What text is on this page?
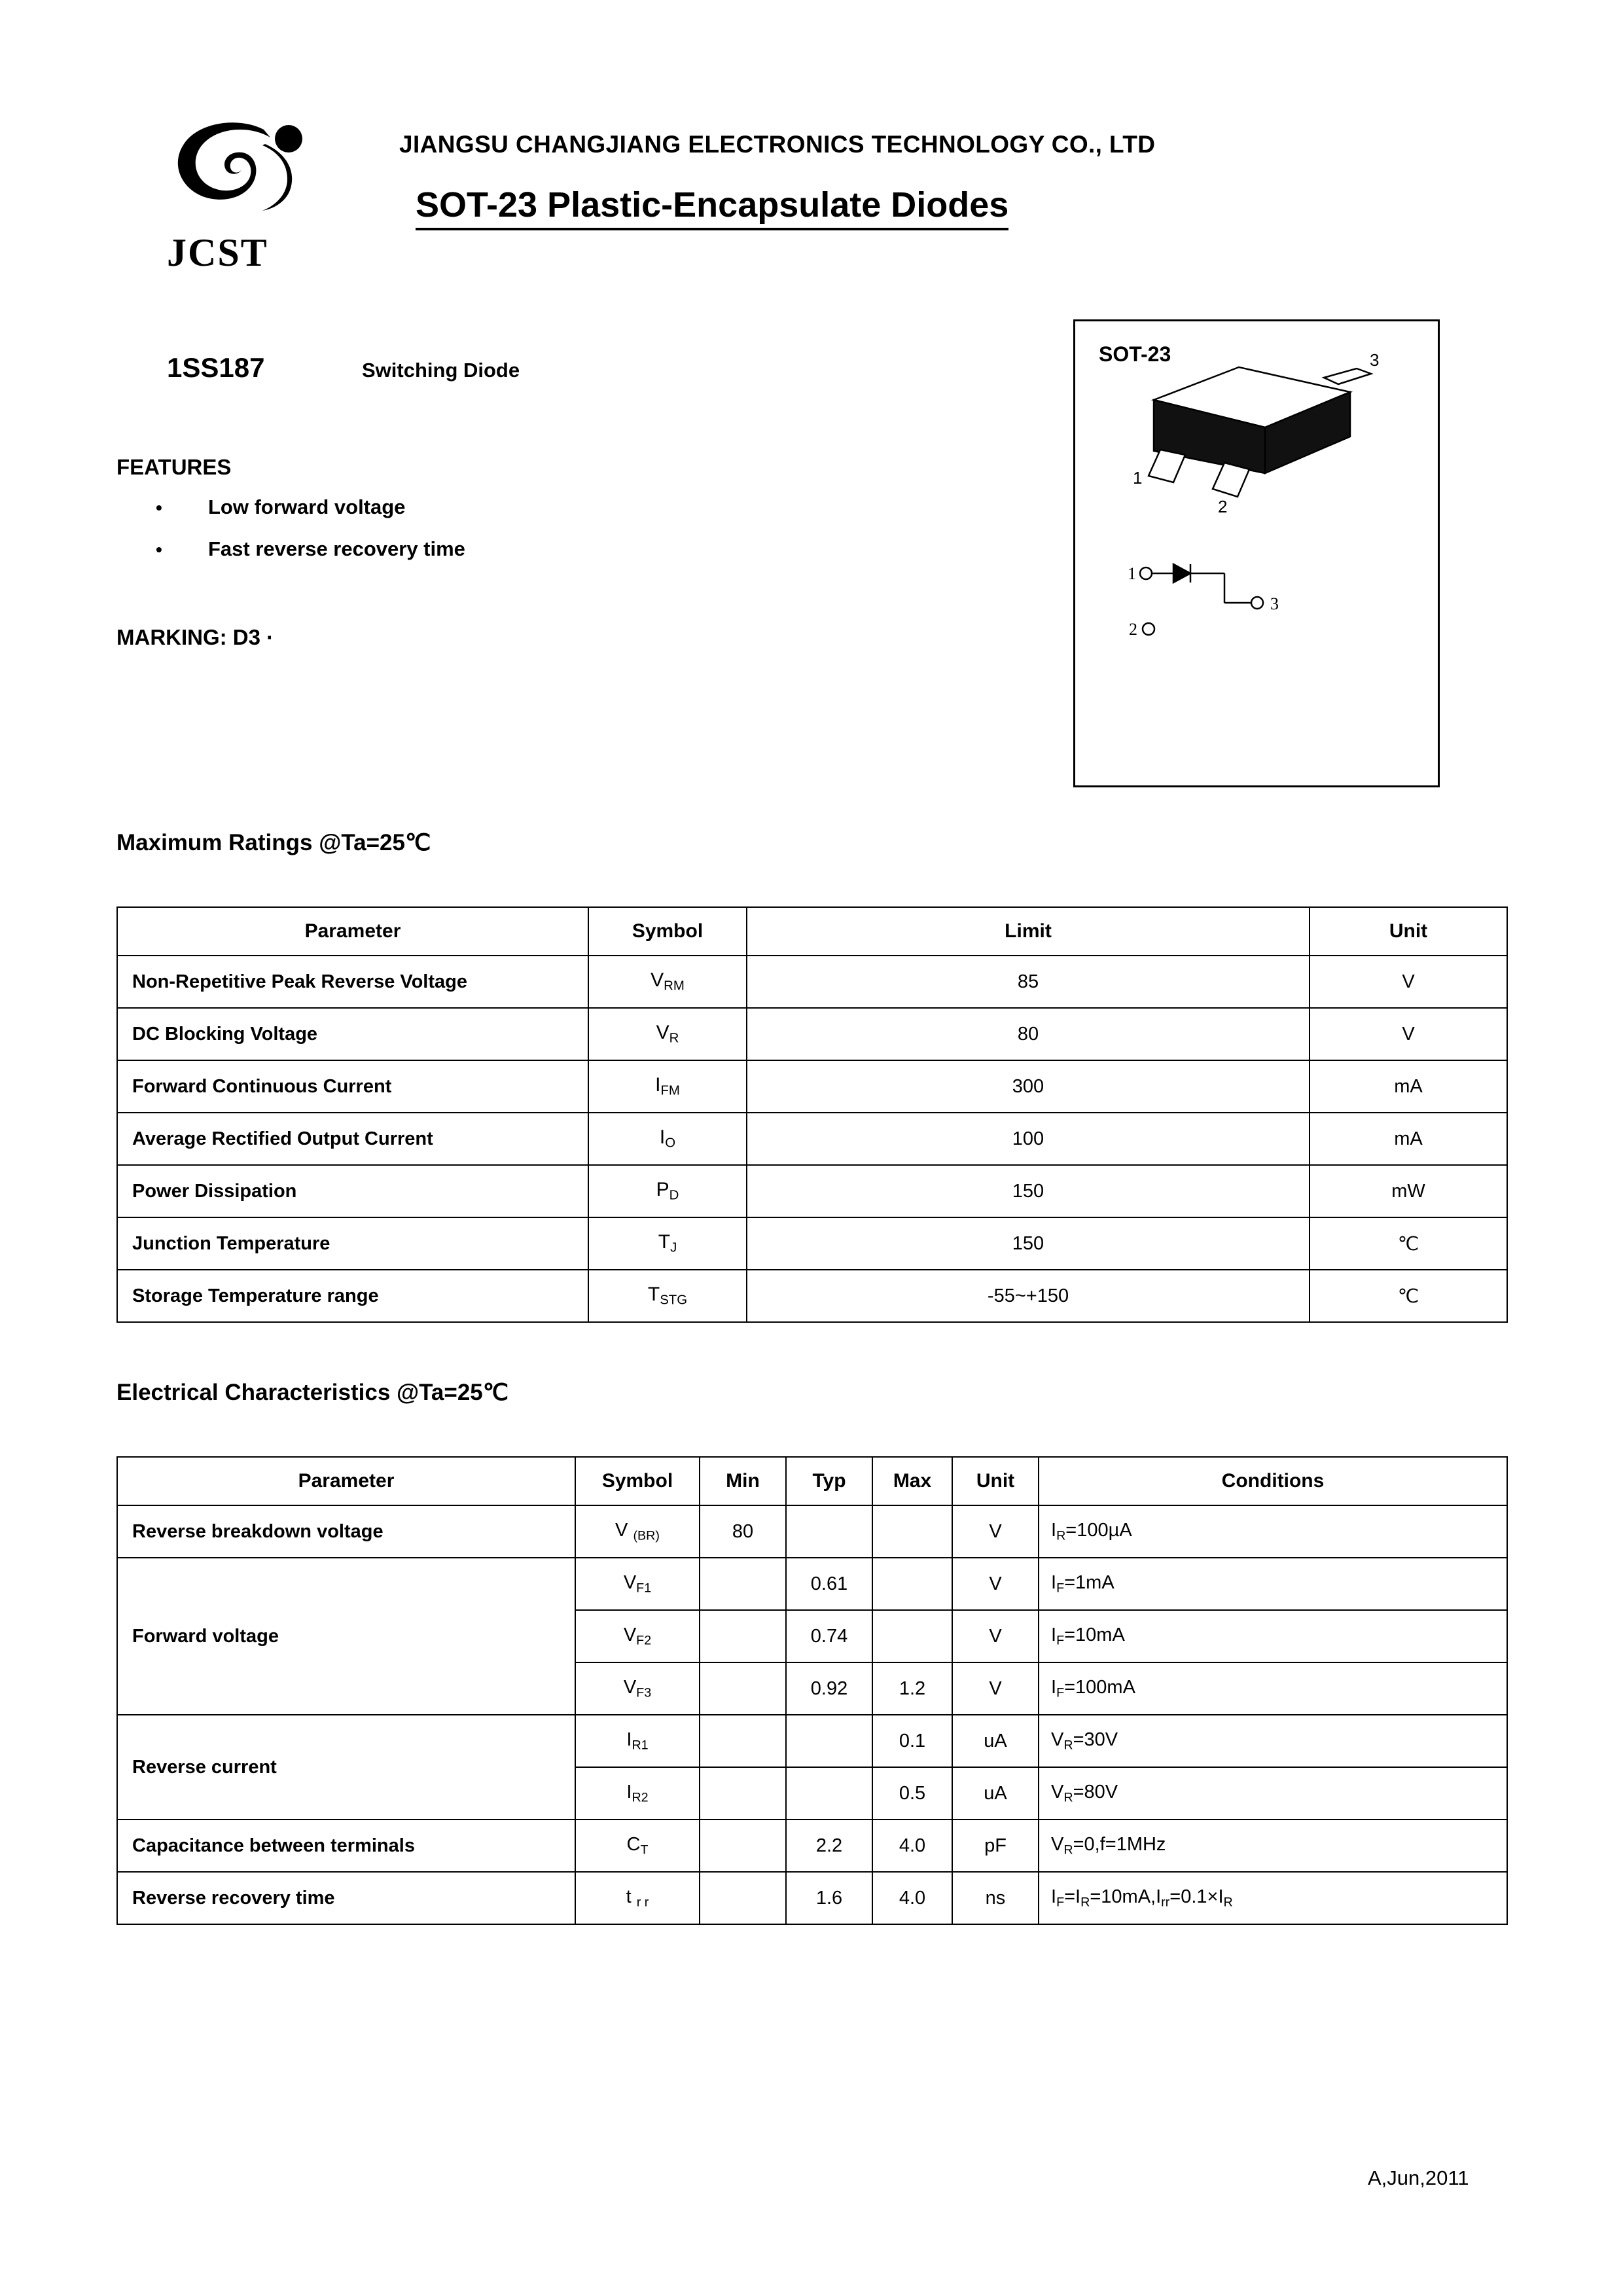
JCST
JIANGSU CHANGJIANG ELECTRONICS TECHNOLOGY CO., LTD
SOT-23 Plastic-Encapsulate Diodes
1SS187	Switching Diode
FEATURES
• Low forward voltage
• Fast reverse recovery time
MARKING: D3 ·
SOT-23	3
1
2
1
3
2
Maximum Ratings @Ta=25℃
Parameter	Symbol	Limit	Unit
Non-Repetitive Peak Reverse Voltage	$V_{RM}$	85	V
DC Blocking Voltage	$V_R$	80	V
Forward Continuous Current	$I_{FM}$	300	mA
Average Rectified Output Current	$I_O$	100	mA
Power Dissipation	$P_D$	150	mW
Junction Temperature	$T_J$	150	℃
Storage Temperature range	$T_{STG}$	-55~+150	℃
Electrical Characteristics @Ta=25℃
Parameter	Symbol	Min	Typ	Max	Unit	Conditions
Reverse breakdown voltage	V $_{(BR)}$	80			V	$I_R=100\mu A$
Forward voltage	$V_{F1}$		0.61		V	$I_F=1mA$
	$V_{F2}$		0.74		V	$I_F=10mA$
	$V_{F3}$		0.92	1.2	V	$I_F=100mA$
Reverse current	$I_{R1}$			0.1	uA	$V_R=30V$
	$I_{R2}$			0.5	uA	$V_R=80V$
Capacitance between terminals	$C_T$		2.2	4.0	pF	$V_R=0,f=1MHz$
Reverse recovery time	t $_{r r}$		1.6	4.0	ns	$I_F=I_R=10mA,I_{rr}=0.1\times I_R$
A,Jun,2011
